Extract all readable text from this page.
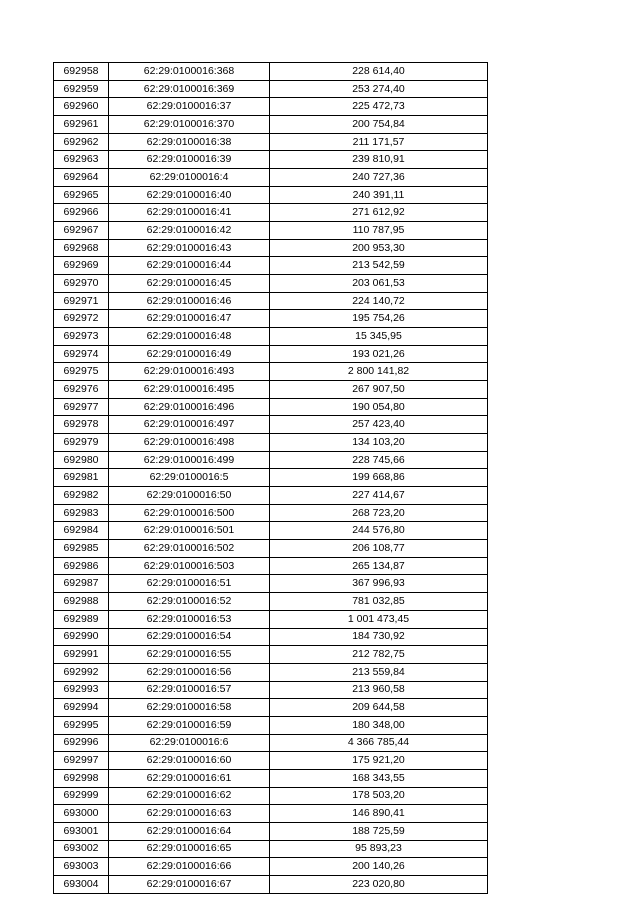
692958	62:29:0100016:368	228 614,40
692959	62:29:0100016:369	253 274,40
692960	62:29:0100016:37	225 472,73
692961	62:29:0100016:370	200 754,84
692962	62:29:0100016:38	211 171,57
692963	62:29:0100016:39	239 810,91
692964	62:29:0100016:4	240 727,36
692965	62:29:0100016:40	240 391,11
692966	62:29:0100016:41	271 612,92
692967	62:29:0100016:42	110 787,95
692968	62:29:0100016:43	200 953,30
692969	62:29:0100016:44	213 542,59
692970	62:29:0100016:45	203 061,53
692971	62:29:0100016:46	224 140,72
692972	62:29:0100016:47	195 754,26
692973	62:29:0100016:48	15 345,95
692974	62:29:0100016:49	193 021,26
692975	62:29:0100016:493	2 800 141,82
692976	62:29:0100016:495	267 907,50
692977	62:29:0100016:496	190 054,80
692978	62:29:0100016:497	257 423,40
692979	62:29:0100016:498	134 103,20
692980	62:29:0100016:499	228 745,66
692981	62:29:0100016:5	199 668,86
692982	62:29:0100016:50	227 414,67
692983	62:29:0100016:500	268 723,20
692984	62:29:0100016:501	244 576,80
692985	62:29:0100016:502	206 108,77
692986	62:29:0100016:503	265 134,87
692987	62:29:0100016:51	367 996,93
692988	62:29:0100016:52	781 032,85
692989	62:29:0100016:53	1 001 473,45
692990	62:29:0100016:54	184 730,92
692991	62:29:0100016:55	212 782,75
692992	62:29:0100016:56	213 559,84
692993	62:29:0100016:57	213 960,58
692994	62:29:0100016:58	209 644,58
692995	62:29:0100016:59	180 348,00
692996	62:29:0100016:6	4 366 785,44
692997	62:29:0100016:60	175 921,20
692998	62:29:0100016:61	168 343,55
692999	62:29:0100016:62	178 503,20
693000	62:29:0100016:63	146 890,41
693001	62:29:0100016:64	188 725,59
693002	62:29:0100016:65	95 893,23
693003	62:29:0100016:66	200 140,26
693004	62:29:0100016:67	223 020,80
